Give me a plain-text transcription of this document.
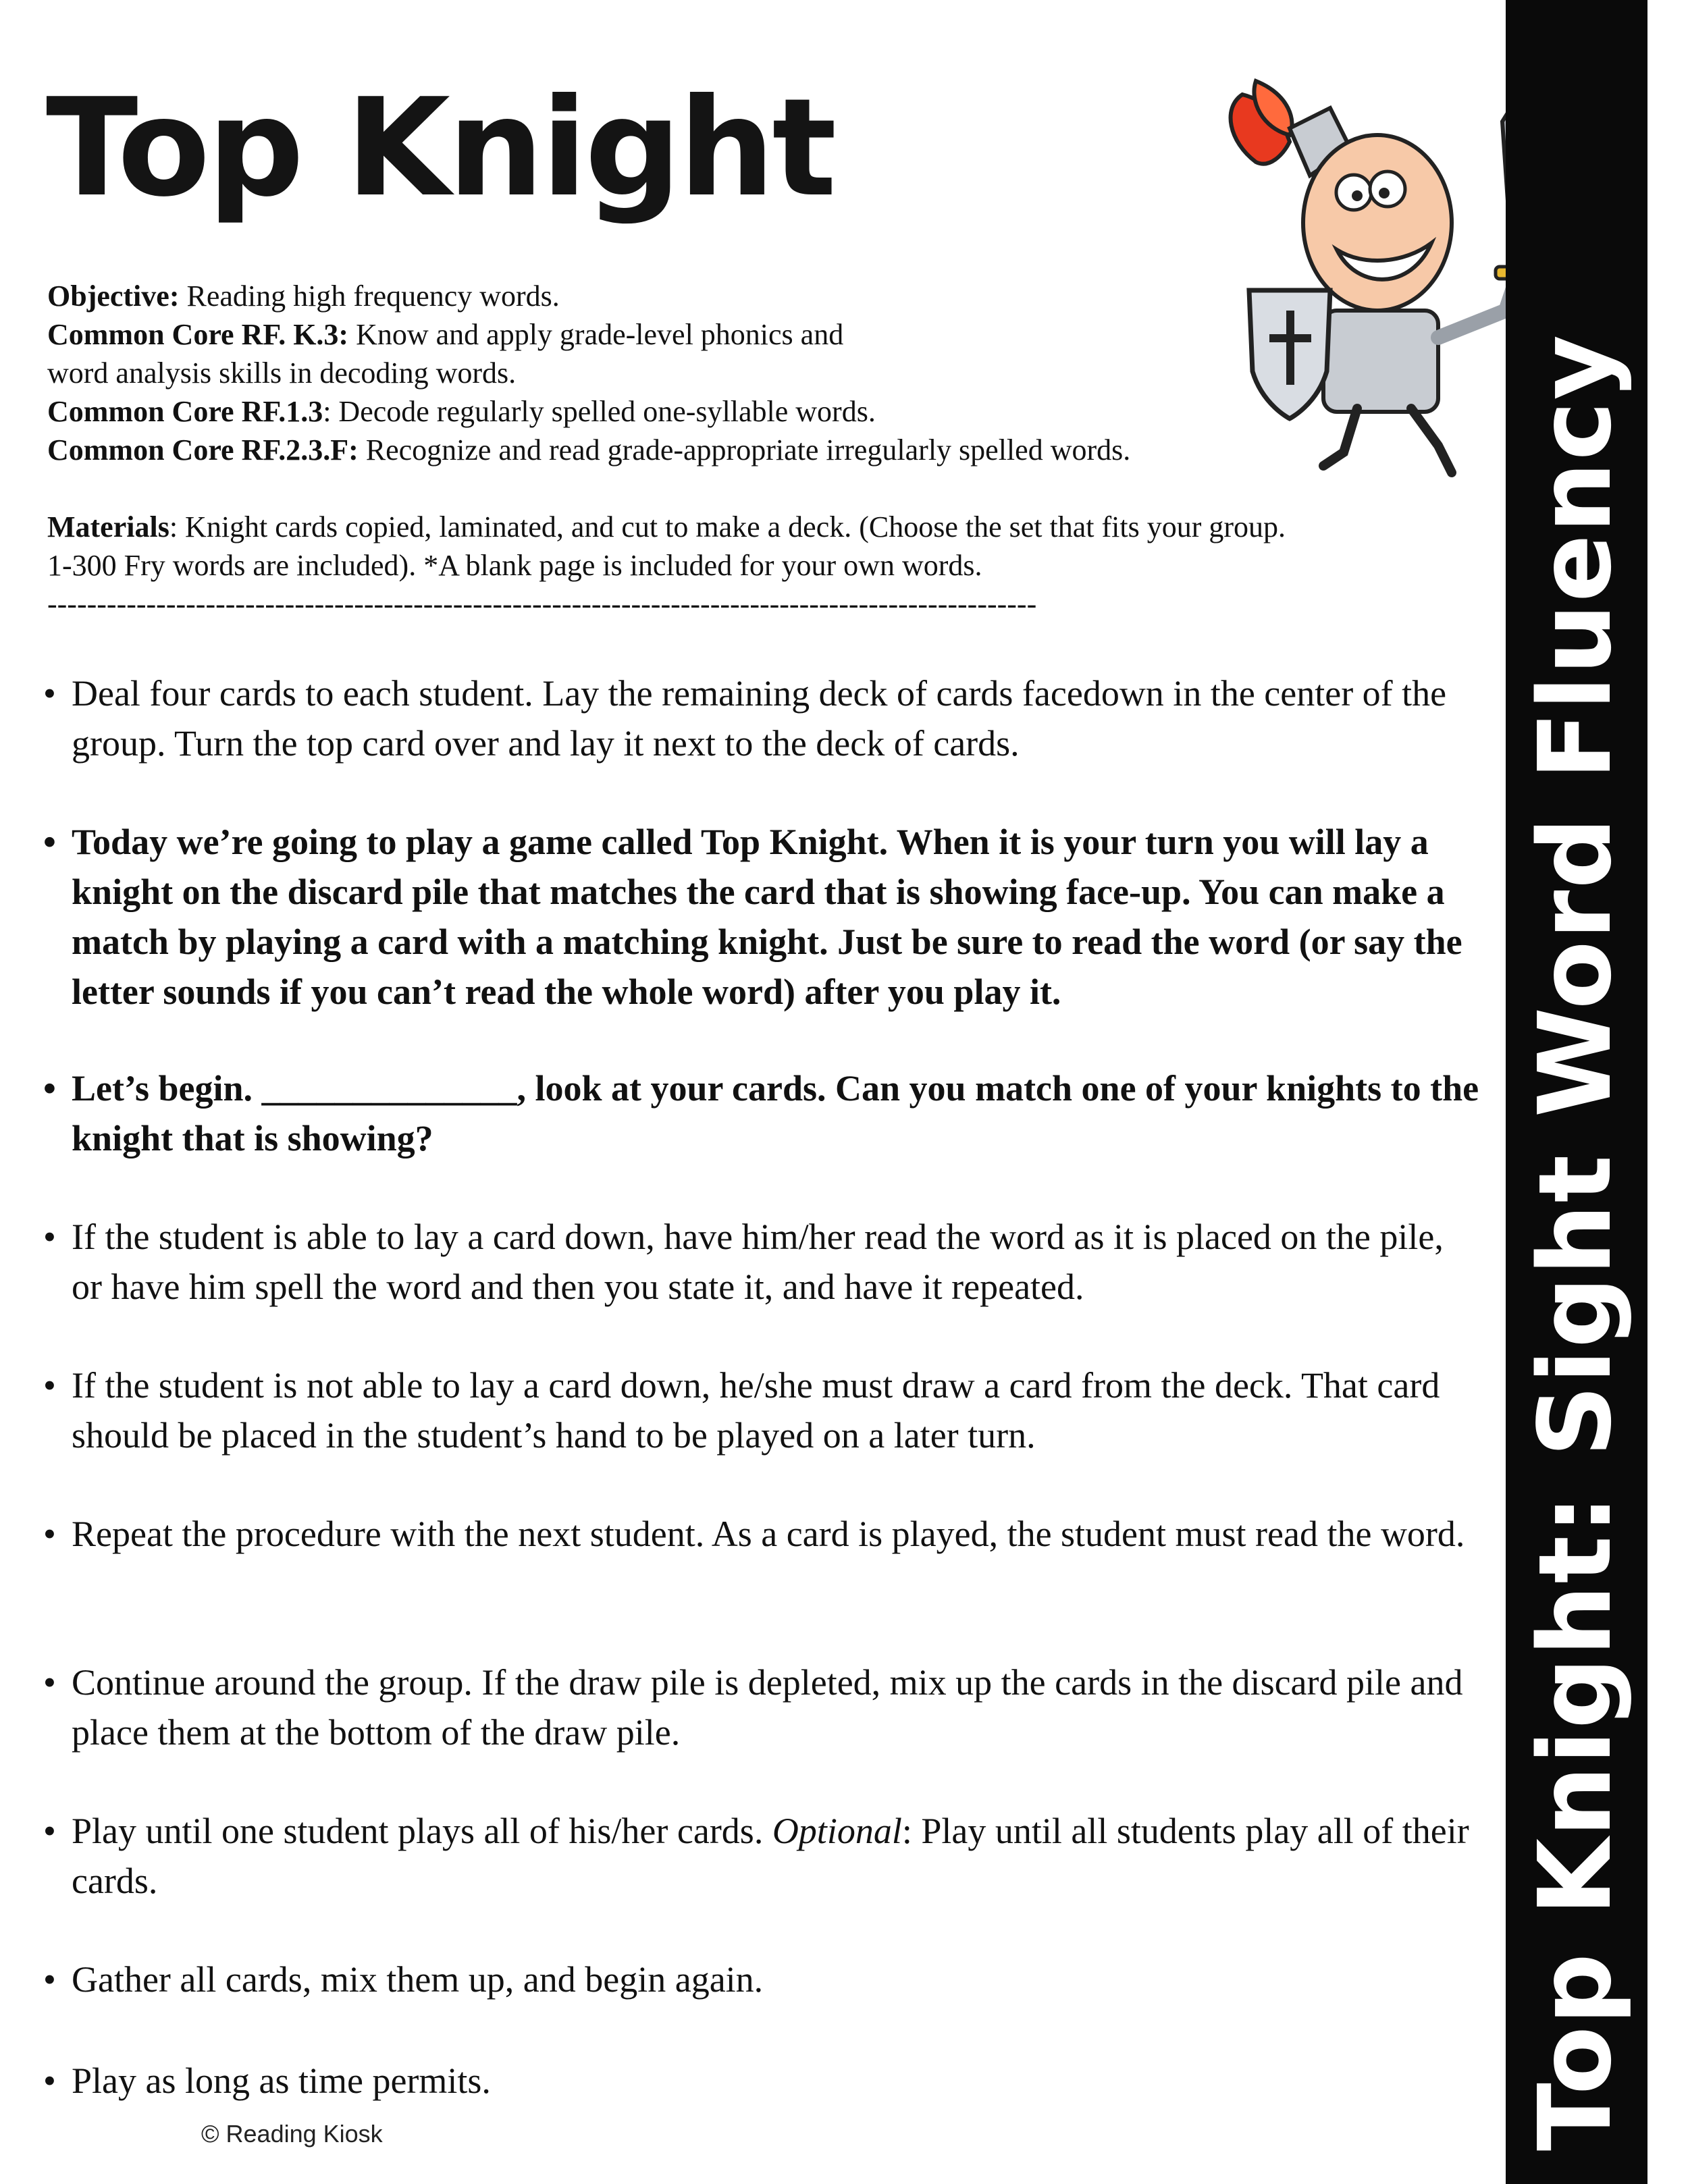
Top Knight

Objective: Reading high frequency words.

Common Core RF. K.3: Know and apply grade-level phonics and

word analysis skills in decoding words.

Common Core RF.1.3: Decode regularly spelled one-syllable words.

Common Core RF.2.3.F: Recognize and read grade-appropriate irregularly spelled words.

Materials: Knight cards copied, laminated, and cut to make a deck. (Choose the set that fits your group.

1-300 Fry words are included). *A blank page is included for your own words.

----------------------------------------------------------------------------------------------------

• Deal four cards to each student. Lay the remaining deck of cards facedown in the center of the group. Turn the top card over and lay it next to the deck of cards.
• Today we’re going to play a game called Top Knight. When it is your turn you will lay a knight on the discard pile that matches the card that is showing face-up. You can make a match by playing a card with a matching knight. Just be sure to read the word (or say the letter sounds if you can’t read the whole word) after you play it.
• Let’s begin. ______________, look at your cards. Can you match one of your knights to the knight that is showing?
• If the student is able to lay a card down, have him/her read the word as it is placed on the pile, or have him spell the word and then you state it, and have it repeated.
• If the student is not able to lay a card down, he/she must draw a card from the deck. That card should be placed in the student’s hand to be played on a later turn.
• Repeat the procedure with the next student. As a card is played, the student must read the word.
• Continue around the group. If the draw pile is depleted, mix up the cards in the discard pile and place them at the bottom of the draw pile.
• Play until one student plays all of his/her cards. Optional: Play until all students play all of their cards.
• Gather all cards, mix them up, and begin again.
• Play as long as time permits.
© Reading Kiosk	Top Knight: Sight Word Fluency
